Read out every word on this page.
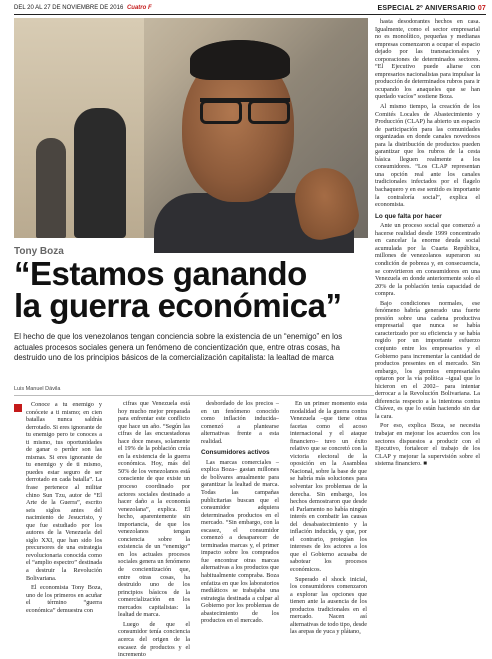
DEL 20 AL 27 DE NOVIEMBRE DE 2016 Cuatro F	ESPECIAL 2º ANIVERSARIO 07
Tony Boza
“Estamos ganando
la guerra económica”
El hecho de que los venezolanos tengan conciencia sobre la existencia de un “enemigo” en los actuales procesos sociales genera un fenómeno de concientización que, entre otras cosas, ha destruido uno de los principios básicos de la comercialización capitalista: la lealtad de marca
Luis Manuel Dávila

Conoce a tu enemigo y conócete a ti mismo; en cien batallas nunca saldrás derrotado. Si eres ignorante de tu enemigo pero te conoces a ti mismo, tus oportunidades de ganar o perder son las mismas. Si eres ignorante de tu enemigo y de ti mismo, puedes estar seguro de ser derrotado en cada batalla”. La frase pertenece al militar chino Sun Tzu, autor de “El Arte de la Guerra”, escrito seis siglos antes del nacimiento de Jesucristo, y que fue estudiado por los autores de la Venezuela del siglo XXI, que han sido los precursores de una estrategia revolucionaria conocida como el “amplio espectro” destinada a destruir la Revolución Bolivariana.

El economista Tony Boza, uno de los primeros en acuñar el término “guerra económica” demuestra con

cifras que Venezuela está hoy mucho mejor preparada para enfrentar este conflicto que hace un año. “Según las cifras de las encuestadoras hace doce meses, solamente el 19% de la población creía en la existencia de la guerra económica. Hoy, más del 50% de los venezolanos está consciente de que existe un proceso coordinado por actores sociales destinado a hacer daño a la economía venezolana”, explica. El hecho, aparentemente sin importancia, de que los venezolanos tengan conciencia sobre la existencia de un “enemigo” en los actuales procesos sociales genera un fenómeno de concientización que, entre otras cosas, ha destruido uno de los principios básicos de la comercialización en los mercados capitalistas: la lealtad de marca.

Luego de que el consumidor tenía conciencia acerca del origen de la escasez de productos y el incremento

desbordado de los precios –en un fenómeno conocido como inflación inducida– comenzó a plantearse alternativas frente a esta realidad.

Consumidores activos

Las marcas comerciales –explica Boza– gastan millones de bolívares anualmente para garantizar la lealtad de marca. Todas las campañas publicitarias buscan que el consumidor adquiera determinados productos en el mercado. “Sin embargo, con la escasez, el consumidor comenzó a desaparecer de terminadas marcas y, el primer impacto sobre los comprados fue encontrar otras marcas alternativas a los productos que habitualmente compraba. Boza enfatiza en que los laboratorios mediáticos se trabajaba una estrategia destinada a culpar al Gobierno por los problemas de abastecimiento de los productos en el mercado.

En un primer momento esta modalidad de la guerra contra Venezuela –que tiene otras facetas como el acoso internacional y el ataque financiero– tuvo un éxito relativo que se concretó con la victoria electoral de la oposición en la Asamblea Nacional, sobre la base de que se habría más soluciones para solventar los problemas de la derecha. Sin embargo, los hechos demostraron que desde el Parlamento no había ningún interés en combatir las causas del desabastecimiento y la inflación inducida, y que, por el contrario, protegían los intereses de los actores a los que el Gobierno acusaba de sabotear los procesos económicos.

Superado el shock inicial, los consumidores comenzaron a explorar las opciones que tienen ante la ausencia de los productos tradicionales en el mercado. Nacen así alternativas de todo tipo, desde las arepas de yuca y plátano,

hasta desodorantes hechos en casa. Igualmente, como el sector empresarial no es monolítico, pequeñas y medianas empresas comenzaron a ocupar el espacio dejado por las transnacionales y corporaciones de determinados sectores. “El Ejecutivo puede aliarse con empresarios nacionalistas para impulsar la producción de determinados rubros para ir ocupando los anaqueles que se han quedado vacíos” sostiene Boza.

Al mismo tiempo, la creación de los Comités Locales de Abastecimiento y Producción (CLAP) ha abierto un espacio de participación para las comunidades organizadas en donde canales novedosos para la distribución de productos pueden garantizar que los rubros de la cesta básica lleguen realmente a los consumidores. “Los CLAP representan una opción real ante los canales tradicionales infectados por el flagelo bachaquero y en ese sentido es importante la contraloría social”, explica el economista.

Lo que falta por hacer

Ante un proceso social que comenzó a hacerse realidad desde 1999 concentrado en cancelar la enorme deuda social acumulada por la Cuarta República, millones de venezolanos superaron su condición de pobreza y, en consecuencia, se convirtieron en consumidores en una Venezuela en donde anteriormente solo el 20% de la población tenía capacidad de compra.

Bajo condiciones normales, ese fenómeno habría generado una fuerte presión sobre una cadena productiva empresarial que nunca se había caracterizado por su eficiencia y se había regido por un importante esfuerzo conjunto entre los empresarios y el Gobierno para incrementar la cantidad de productos presentes en el mercado. Sin embargo, los gremios empresariales optaron por la vía política –igual que lo hicieron en el 2002– para intentar derrocar a la Revolución Bolivariana. La diferencia respecto a la intentona contra Chávez, es que lo están haciendo sin dar la cara.

Por eso, explica Boza, se necesita trabajar en mejorar los acuerdos con los sectores dispuestos a producir con el Ejecutivo, fortalecer el trabajo de los CLAP y mejorar la supervisión sobre el sistema financiero. ■
